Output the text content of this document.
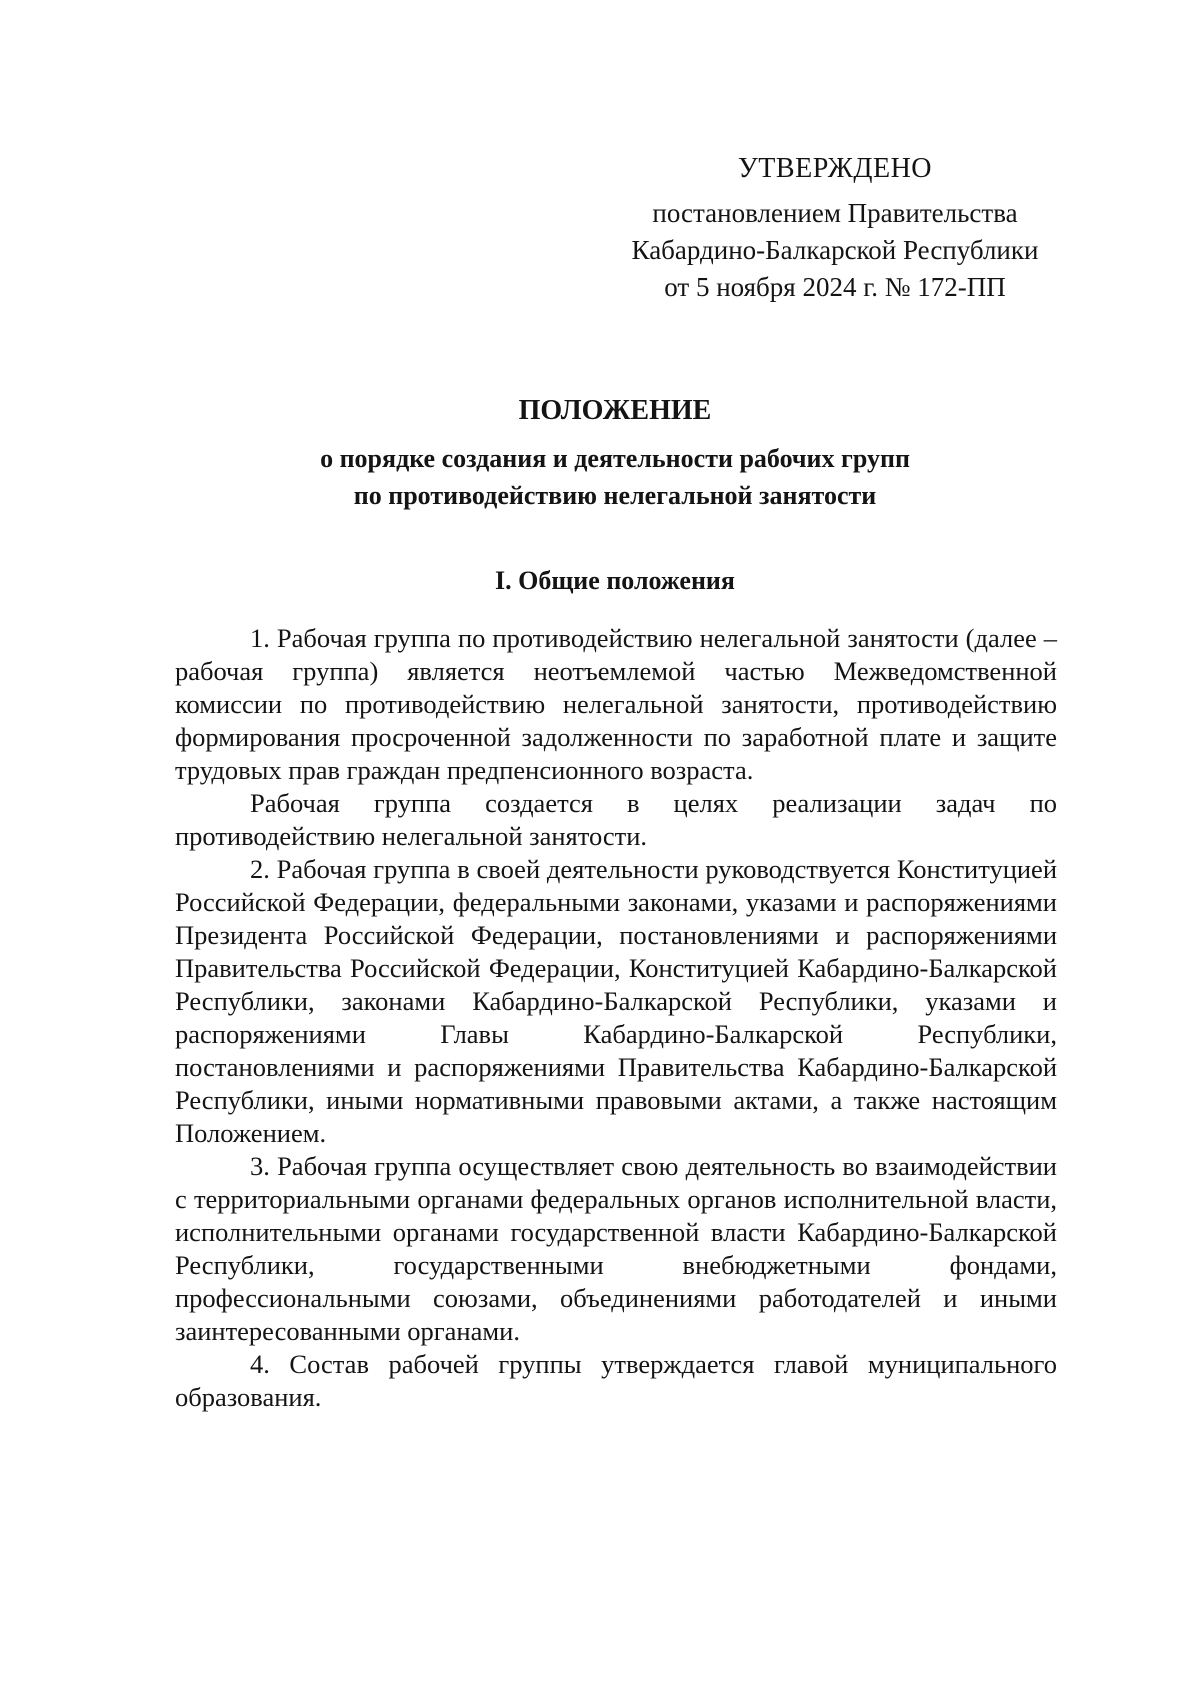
УТВЕРЖДЕНО
постановлением Правительства
Кабардино-Балкарской Республики
от 5 ноября 2024 г. № 172-ПП
ПОЛОЖЕНИЕ
о порядке создания и деятельности рабочих групп
по противодействию нелегальной занятости
I. Общие положения

1. Рабочая группа по противодействию нелегальной занятости (далее – рабочая группа) является неотъемлемой частью Межведомственной комиссии по противодействию нелегальной занятости, противодействию формирования просроченной задолженности по заработной плате и защите трудовых прав граждан предпенсионного возраста.

Рабочая группа создается в целях реализации задач по противодействию нелегальной занятости.

2. Рабочая группа в своей деятельности руководствуется Конституцией Российской Федерации, федеральными законами, указами и распоряжениями Президента Российской Федерации, постановлениями и распоряжениями Правительства Российской Федерации, Конституцией Кабардино-Балкарской Республики, законами Кабардино-Балкарской Республики, указами и распоряжениями Главы Кабардино-Балкарской Республики, постановлениями и распоряжениями Правительства Кабардино-Балкарской Республики, иными нормативными правовыми актами, а также настоящим Положением.

3. Рабочая группа осуществляет свою деятельность во взаимодействии с территориальными органами федеральных органов исполнительной власти, исполнительными органами государственной власти Кабардино-Балкарской Республики, государственными внебюджетными фондами, профессиональными союзами, объединениями работодателей и иными заинтересованными органами.

4. Состав рабочей группы утверждается главой муниципального образования.
